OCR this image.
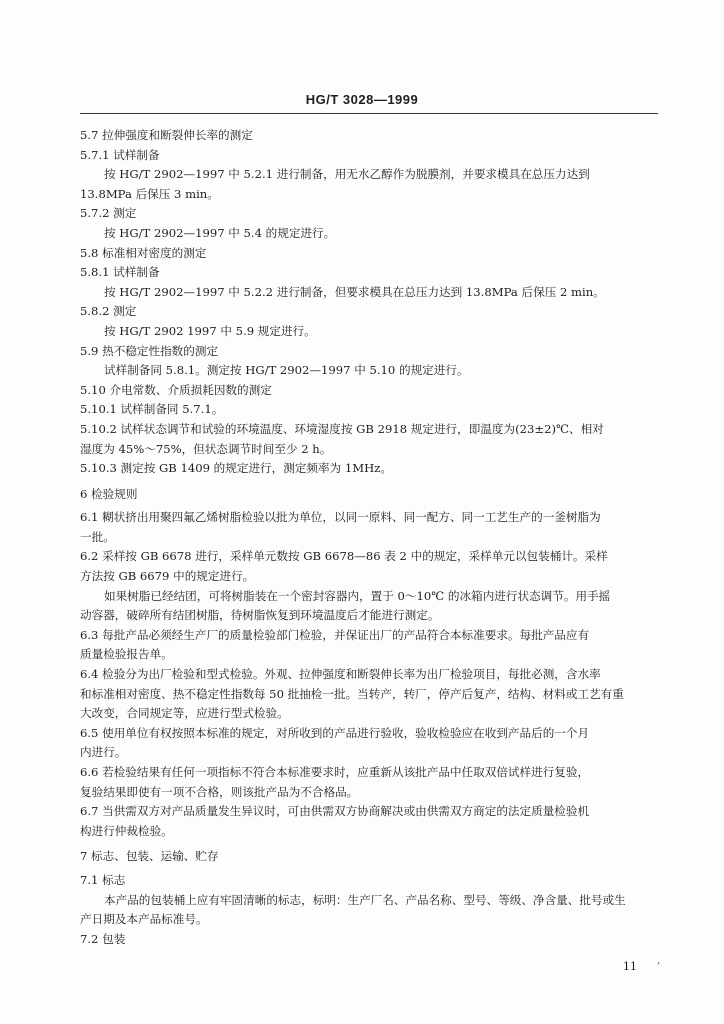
HG/T 3028—1999

5.7 拉伸强度和断裂伸长率的测定

5.7.1 试样制备

按 HG/T 2902—1997 中 5.2.1 进行制备，用无水乙醇作为脱膜剂，并要求模具在总压力达到

13.8MPa 后保压 3 min。

5.7.2 测定

按 HG/T 2902—1997 中 5.4 的规定进行。

5.8 标准相对密度的测定

5.8.1 试样制备

按 HG/T 2902—1997 中 5.2.2 进行制备，但要求模具在总压力达到 13.8MPa 后保压 2 min。

5.8.2 测定

按 HG/T 2902 1997 中 5.9 规定进行。

5.9 热不稳定性指数的测定

试样制备同 5.8.1。测定按 HG/T 2902—1997 中 5.10 的规定进行。

5.10 介电常数、介质损耗因数的测定

5.10.1 试样制备同 5.7.1。

5.10.2 试样状态调节和试验的环境温度、环境湿度按 GB 2918 规定进行，即温度为(23±2)℃、相对

湿度为 45%～75%，但状态调节时间至少 2 h。

5.10.3 测定按 GB 1409 的规定进行，测定频率为 1MHz。

6 检验规则

6.1 糊状挤出用聚四氟乙烯树脂检验以批为单位，以同一原料、同一配方、同一工艺生产的一釜树脂为

一批。

6.2 采样按 GB 6678 进行，采样单元数按 GB 6678—86 表 2 中的规定，采样单元以包装桶计。采样

方法按 GB 6679 中的规定进行。

如果树脂已经结团，可将树脂装在一个密封容器内，置于 0～10℃ 的冰箱内进行状态调节。用手摇

动容器，破碎所有结团树脂，待树脂恢复到环境温度后才能进行测定。

6.3 每批产品必须经生产厂的质量检验部门检验，并保证出厂的产品符合本标准要求。每批产品应有

质量检验报告单。

6.4 检验分为出厂检验和型式检验。外观、拉伸强度和断裂伸长率为出厂检验项目，每批必测，含水率

和标准相对密度、热不稳定性指数每 50 批抽检一批。当转产，转厂，停产后复产，结构、材料或工艺有重

大改变，合同规定等，应进行型式检验。

6.5 使用单位有权按照本标准的规定，对所收到的产品进行验收，验收检验应在收到产品后的一个月

内进行。

6.6 若检验结果有任何一项指标不符合本标准要求时，应重新从该批产品中任取双倍试样进行复验，

复验结果即使有一项不合格，则该批产品为不合格品。

6.7 当供需双方对产品质量发生异议时，可由供需双方协商解决或由供需双方商定的法定质量检验机

构进行仲裁检验。

7 标志、包装、运输、贮存

7.1 标志

本产品的包装桶上应有牢固清晰的标志，标明：生产厂名、产品名称、型号、等级、净含量、批号或生

产日期及本产品标准号。

7.2 包装

11 ,
